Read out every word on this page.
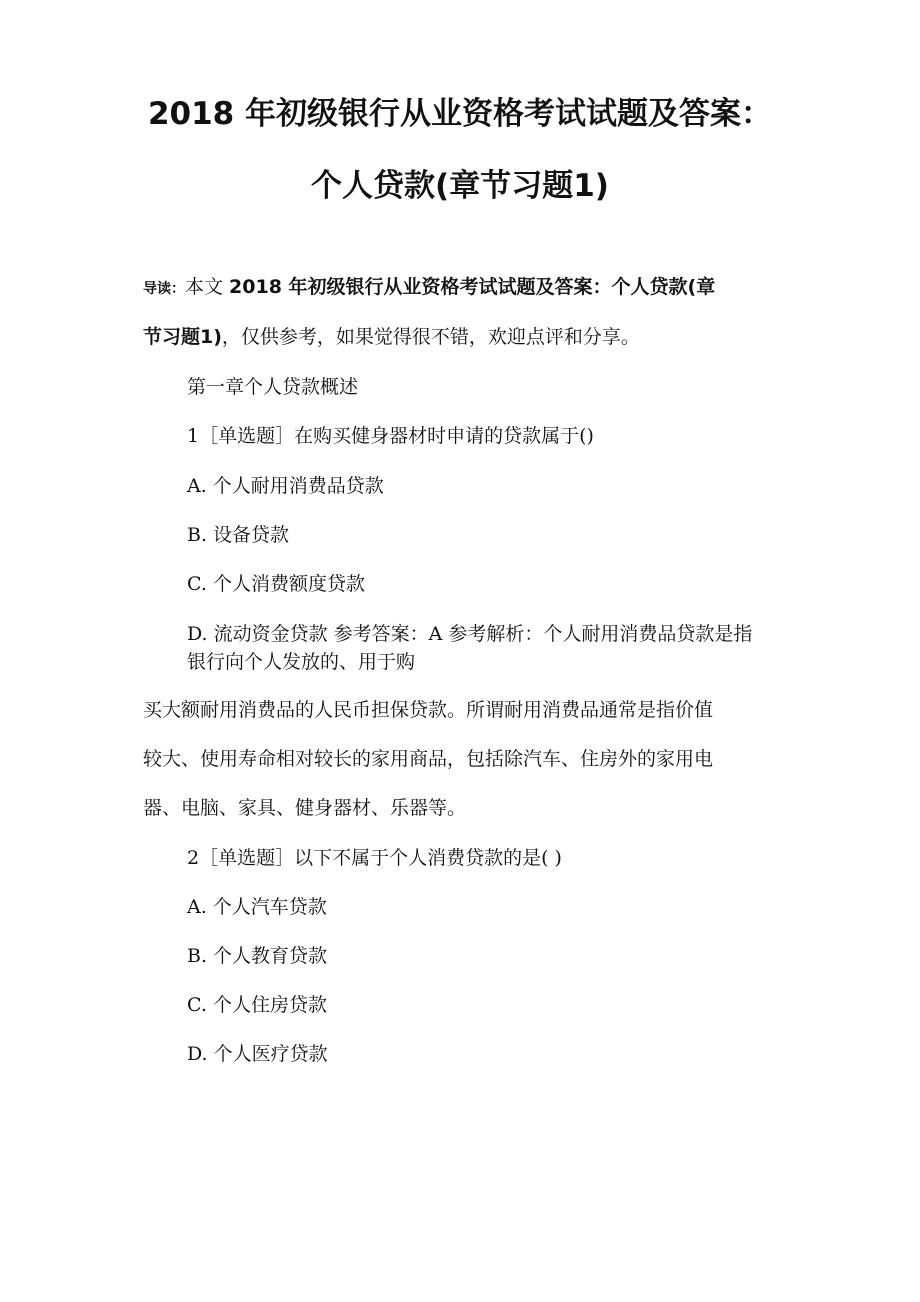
2018 年初级银行从业资格考试试题及答案：
个人贷款(章节习题1)
导读：本文 2018 年初级银行从业资格考试试题及答案：个人贷款(章
节习题1)，仅供参考，如果觉得很不错，欢迎点评和分享。
第一章个人贷款概述
1［单选题］在购买健身器材时申请的贷款属于()
A. 个人耐用消费品贷款
B. 设备贷款
C. 个人消费额度贷款
D. 流动资金贷款 参考答案：A 参考解析：个人耐用消费品贷款是指
银行向个人发放的、用于购
买大额耐用消费品的人民币担保贷款。所谓耐用消费品通常是指价值
较大、使用寿命相对较长的家用商品，包括除汽车、住房外的家用电
器、电脑、家具、健身器材、乐器等。
2［单选题］以下不属于个人消费贷款的是( )
A. 个人汽车贷款
B. 个人教育贷款
C. 个人住房贷款
D. 个人医疗贷款
